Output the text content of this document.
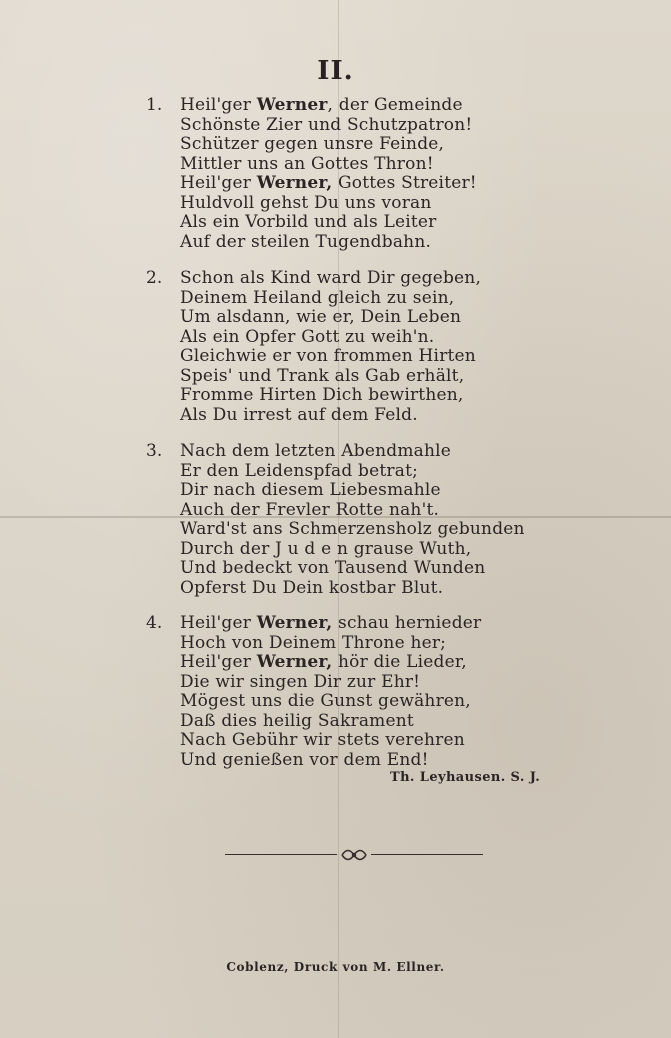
II.
1.	Heil'ger Werner, der Gemeinde
Schönste Zier und Schutzpatron!
Schützer gegen unsre Feinde,
Mittler uns an Gottes Thron!
Heil'ger Werner, Gottes Streiter!
Huldvoll gehst Du uns voran
Als ein Vorbild und als Leiter
Auf der steilen Tugendbahn.
2.	Schon als Kind ward Dir gegeben,
Deinem Heiland gleich zu sein,
Um alsdann, wie er, Dein Leben
Als ein Opfer Gott zu weih'n.
Gleichwie er von frommen Hirten
Speis' und Trank als Gab erhält,
Fromme Hirten Dich bewirthen,
Als Du irrest auf dem Feld.
3.	Nach dem letzten Abendmahle
Er den Leidenspfad betrat;
Dir nach diesem Liebesmahle
Auch der Frevler Rotte nah't.
Ward'st ans Schmerzensholz gebunden
Durch der J u d e n grause Wuth,
Und bedeckt von Tausend Wunden
Opferst Du Dein kostbar Blut.
4.	Heil'ger Werner, schau hernieder
Hoch von Deinem Throne her;
Heil'ger Werner, hör die Lieder,
Die wir singen Dir zur Ehr!
Mögest uns die Gunst gewähren,
Daß dies heilig Sakrament
Nach Gebühr wir stets verehren
Und genießen vor dem End!
Th. Leyhausen. S. J.
Coblenz, Druck von M. Ellner.
